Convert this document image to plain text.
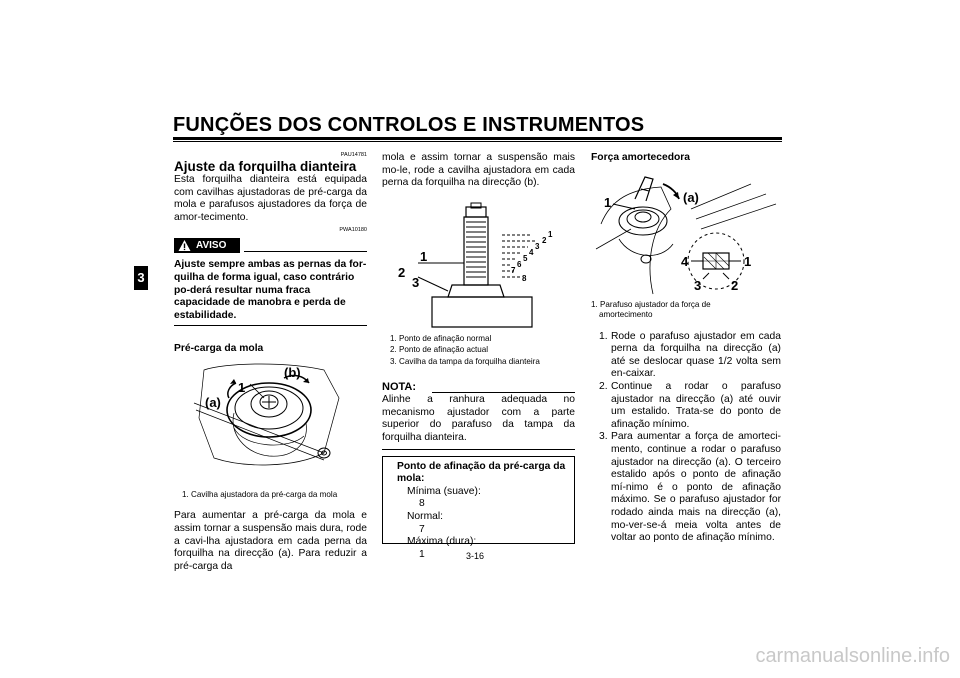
FUNÇÕES DOS CONTROLOS E INSTRUMENTOS
3
PAU14781
Ajuste da forquilha dianteira

Esta forquilha dianteira está equipada com cavilhas ajustadoras de pré-carga da mola e parafusos ajustadores da força de amor-tecimento.

PWA10180
AVISO
Ajuste sempre ambas as pernas da for-quilha de forma igual, caso contrário po-derá resultar numa fraca capacidade de manobra e perda de estabilidade.
Pré-carga da mola
(b)
(a)
1
1. Cavilha ajustadora da pré-carga da mola

Para aumentar a pré-carga da mola e assim tornar a suspensão mais dura, rode a cavi-lha ajustadora em cada perna da forquilha na direcção (a). Para reduzir a pré-carga da

mola e assim tornar a suspensão mais mo-le, rode a cavilha ajustadora em cada perna da forquilha na direcção (b).

1
2
3
1
2
3
4
5
6
7
8
1. Ponto de afinação normal
2. Ponto de afinação actual
3. Cavilha da tampa da forquilha dianteira
NOTA:

Alinhe a ranhura adequada no mecanismo ajustador com a parte superior do parafuso da tampa da forquilha dianteira.

Ponto de afinação da pré-carga da mola:
Mínima (suave):
8
Normal:
7
Máxima (dura):
1
Força amortecedora
1	(a)
4	1
3 2
1. Parafuso ajustador da força de
amortecimento
1. Rode o parafuso ajustador em cada perna da forquilha na direcção (a) até se deslocar quase 1/2 volta sem en-caixar.
2. Continue a rodar o parafuso ajustador na direcção (a) até ouvir um estalido. Trata-se do ponto de afinação mínimo.
3. Para aumentar a força de amorteci-mento, continue a rodar o parafuso ajustador na direcção (a). O terceiro estalido após o ponto de afinação mí-nimo é o ponto de afinação máximo. Se o parafuso ajustador for rodado ainda mais na direcção (a), mo-ver-se-á meia volta antes de voltar ao ponto de afinação mínimo.
3-16
carmanualsonline.info
